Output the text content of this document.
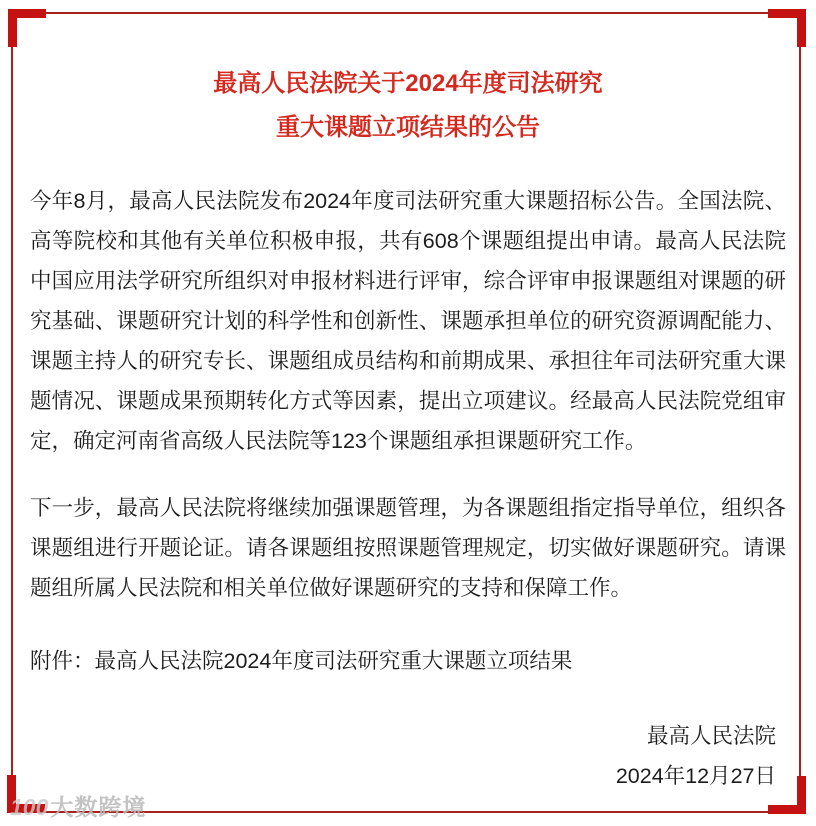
最高人民法院关于2024年度司法研究
重大课题立项结果的公告
今年8月，最高人民法院发布2024年度司法研究重大课题招标公告。全国法院、高等院校和其他有关单位积极申报，共有608个课题组提出申请。最高人民法院中国应用法学研究所组织对申报材料进行评审，综合评审申报课题组对课题的研究基础、课题研究计划的科学性和创新性、课题承担单位的研究资源调配能力、课题主持人的研究专长、课题组成员结构和前期成果、承担往年司法研究重大课题情况、课题成果预期转化方式等因素，提出立项建议。经最高人民法院党组审定，确定河南省高级人民法院等123个课题组承担课题研究工作。
下一步，最高人民法院将继续加强课题管理，为各课题组指定指导单位，组织各课题组进行开题论证。请各课题组按照课题管理规定，切实做好课题研究。请课题组所属人民法院和相关单位做好课题研究的支持和保障工作。
附件：最高人民法院2024年度司法研究重大课题立项结果
最高人民法院
2024年12月27日
100大数跨境
